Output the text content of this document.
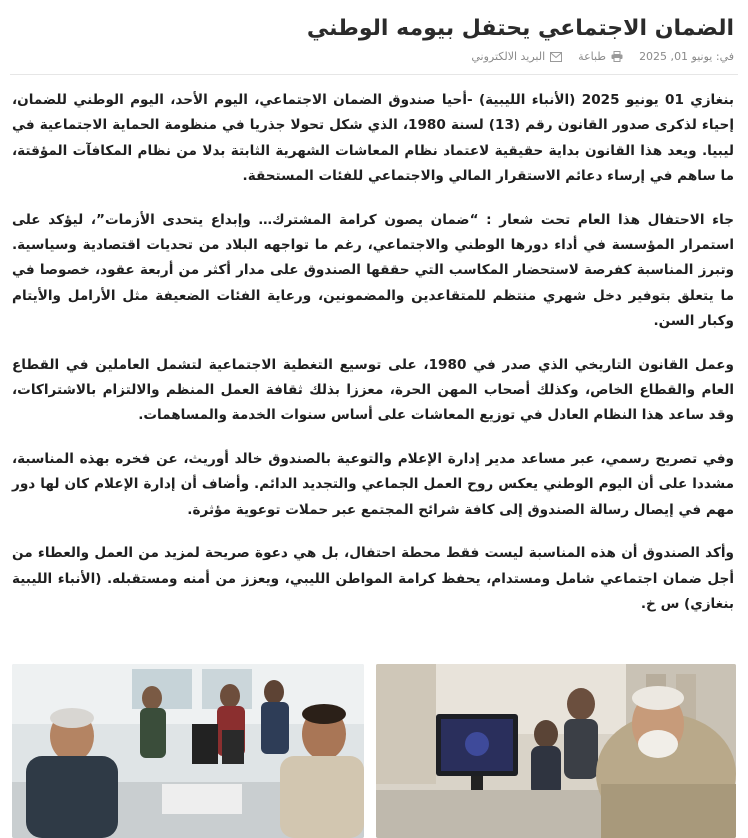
الضمان الاجتماعي يحتفل بيومه الوطني
في: يونيو 01, 2025
طباعة
البريد الالكتروني

بنغازي 01 يونيو 2025 (الأنباء الليبية) -أحيا صندوق الضمان الاجتماعي، اليوم الأحد، اليوم الوطني للضمان، إحياء لذكرى صدور القانون رقم (13) لسنة 1980، الذي شكل تحولا جذريا في منظومة الحماية الاجتماعية في ليبيا. ويعد هذا القانون بداية حقيقية لاعتماد نظام المعاشات الشهرية الثابتة بدلا من نظام المكافآت المؤقتة، ما ساهم في إرساء دعائم الاستقرار المالي والاجتماعي للفئات المستحقة.

جاء الاحتفال هذا العام تحت شعار : “ضمان يصون كرامة المشترك… وإبداع يتحدى الأزمات”، ليؤكد على استمرار المؤسسة في أداء دورها الوطني والاجتماعي، رغم ما تواجهه البلاد من تحديات اقتصادية وسياسية. وتبرز المناسبة كفرصة لاستحضار المكاسب التي حققها الصندوق على مدار أكثر من أربعة عقود، خصوصا في ما يتعلق بتوفير دخل شهري منتظم للمتقاعدين والمضمونين، ورعاية الفئات الضعيفة مثل الأرامل والأيتام وكبار السن.

وعمل القانون التاريخي الذي صدر في 1980، على توسيع التغطية الاجتماعية لتشمل العاملين في القطاع العام والقطاع الخاص، وكذلك أصحاب المهن الحرة، معززا بذلك ثقافة العمل المنظم والالتزام بالاشتراكات، وقد ساعد هذا النظام العادل في توزيع المعاشات على أساس سنوات الخدمة والمساهمات.

وفي تصريح رسمي، عبر مساعد مدير إدارة الإعلام والتوعية بالصندوق خالد أوريث، عن فخره بهذه المناسبة، مشددا على أن اليوم الوطني يعكس روح العمل الجماعي والتجديد الدائم. وأضاف أن إدارة الإعلام كان لها دور مهم في إيصال رسالة الصندوق إلى كافة شرائح المجتمع عبر حملات توعوية مؤثرة.

وأكد الصندوق أن هذه المناسبة ليست فقط محطة احتفال، بل هي دعوة صريحة لمزيد من العمل والعطاء من أجل ضمان اجتماعي شامل ومستدام، يحفظ كرامة المواطن الليبي، ويعزز من أمنه ومستقبله. (الأنباء الليبية بنغازي) س خ.
